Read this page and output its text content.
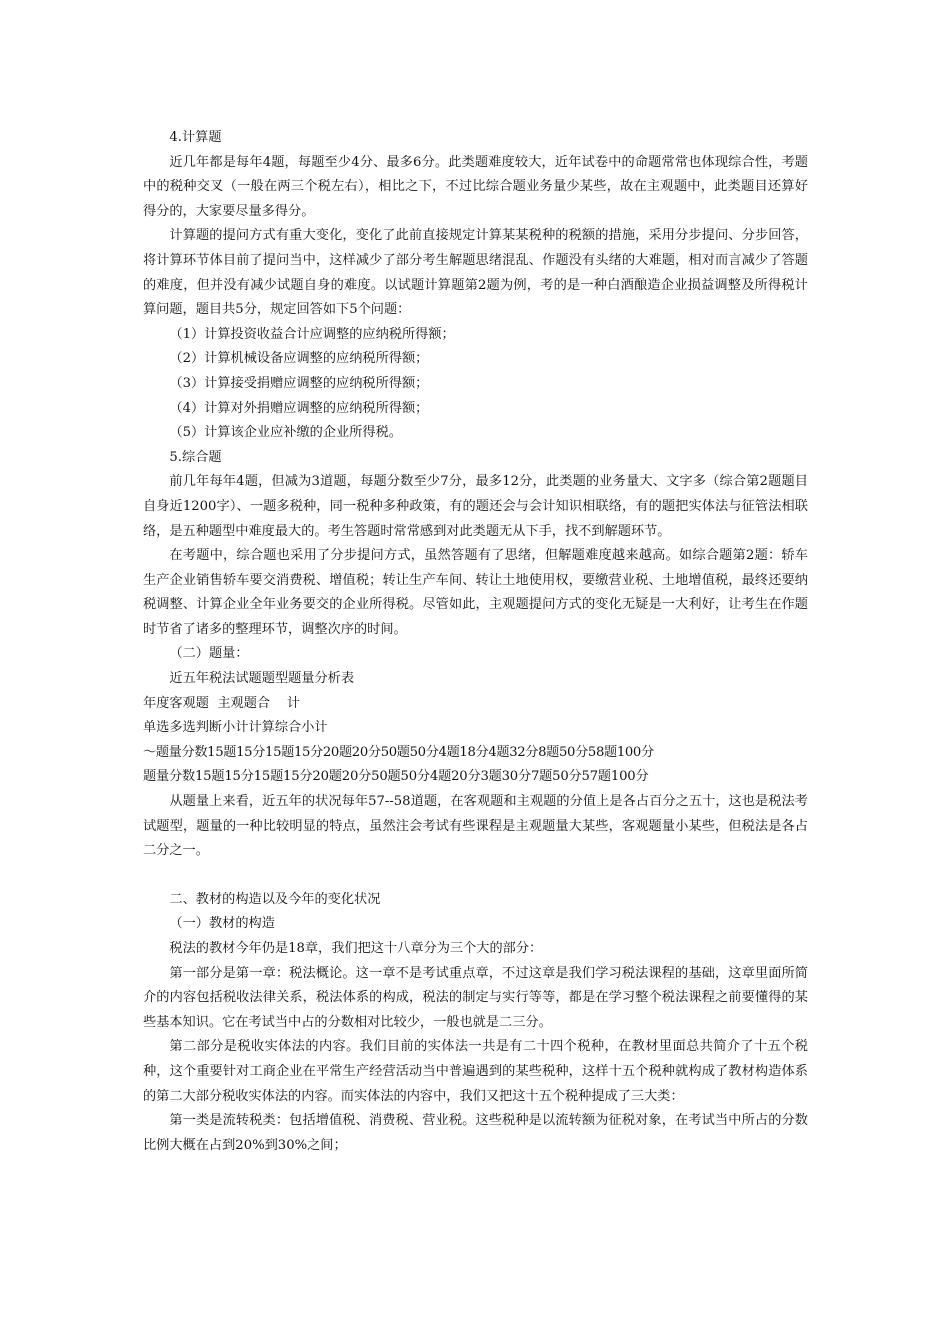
4.计算题

近几年都是每年4题，每题至少4分、最多6分。此类题难度较大，近年试卷中的命题常常也体现综合性，考题中的税种交叉（一般在两三个税左右），相比之下，不过比综合题业务量少某些，故在主观题中，此类题目还算好得分的，大家要尽量多得分。

计算题的提问方式有重大变化，变化了此前直接规定计算某某税种的税额的措施，采用分步提问、分步回答，将计算环节体目前了提问当中，这样减少了部分考生解题思绪混乱、作题没有头绪的大难题，相对而言减少了答题的难度，但并没有减少试题自身的难度。以试题计算题第2题为例，考的是一种白酒酿造企业损益调整及所得税计算问题，题目共5分，规定回答如下5个问题：

（1）计算投资收益合计应调整的应纳税所得额；

（2）计算机械设备应调整的应纳税所得额；

（3）计算接受捐赠应调整的应纳税所得额；

（4）计算对外捐赠应调整的应纳税所得额；

（5）计算该企业应补缴的企业所得税。

5.综合题

前几年每年4题，但减为3道题，每题分数至少7分，最多12分，此类题的业务量大、文字多（综合第2题题目自身近1200字）、一题多税种，同一税种多种政策，有的题还会与会计知识相联络，有的题把实体法与征管法相联络，是五种题型中难度最大的。考生答题时常常感到对此类题无从下手，找不到解题环节。

在考题中，综合题也采用了分步提问方式，虽然答题有了思绪，但解题难度越来越高。如综合题第2题：轿车生产企业销售轿车要交消费税、增值税；转让生产车间、转让土地使用权，要缴营业税、土地增值税，最终还要纳税调整、计算企业全年业务要交的企业所得税。尽管如此，主观题提问方式的变化无疑是一大利好，让考生在作题时节省了诸多的整理环节，调整次序的时间。

（二）题量：

近五年税法试题题型题量分析表

年度客观题  主观题合    计

单选多选判断小计计算综合小计

～题量分数15题15分15题15分20题20分50题50分4题18分4题32分8题50分58题100分

题量分数15题15分15题15分20题20分50题50分4题20分3题30分7题50分57题100分

从题量上来看，近五年的状况每年57--58道题，在客观题和主观题的分值上是各占百分之五十，这也是税法考试题型，题量的一种比较明显的特点，虽然注会考试有些课程是主观题量大某些，客观题量小某些，但税法是各占二分之一。

二、教材的构造以及今年的变化状况

（一）教材的构造

税法的教材今年仍是18章，我们把这十八章分为三个大的部分：

第一部分是第一章：税法概论。这一章不是考试重点章，不过这章是我们学习税法课程的基础，这章里面所简介的内容包括税收法律关系，税法体系的构成，税法的制定与实行等等，都是在学习整个税法课程之前要懂得的某些基本知识。它在考试当中占的分数相对比较少，一般也就是二三分。

第二部分是税收实体法的内容。我们目前的实体法一共是有二十四个税种，在教材里面总共简介了十五个税种，这个重要针对工商企业在平常生产经营活动当中普遍遇到的某些税种，这样十五个税种就构成了教材构造体系的第二大部分税收实体法的内容。而实体法的内容中，我们又把这十五个税种提成了三大类：

第一类是流转税类：包括增值税、消费税、营业税。这些税种是以流转额为征税对象，在考试当中所占的分数比例大概在占到20%到30%之间；
